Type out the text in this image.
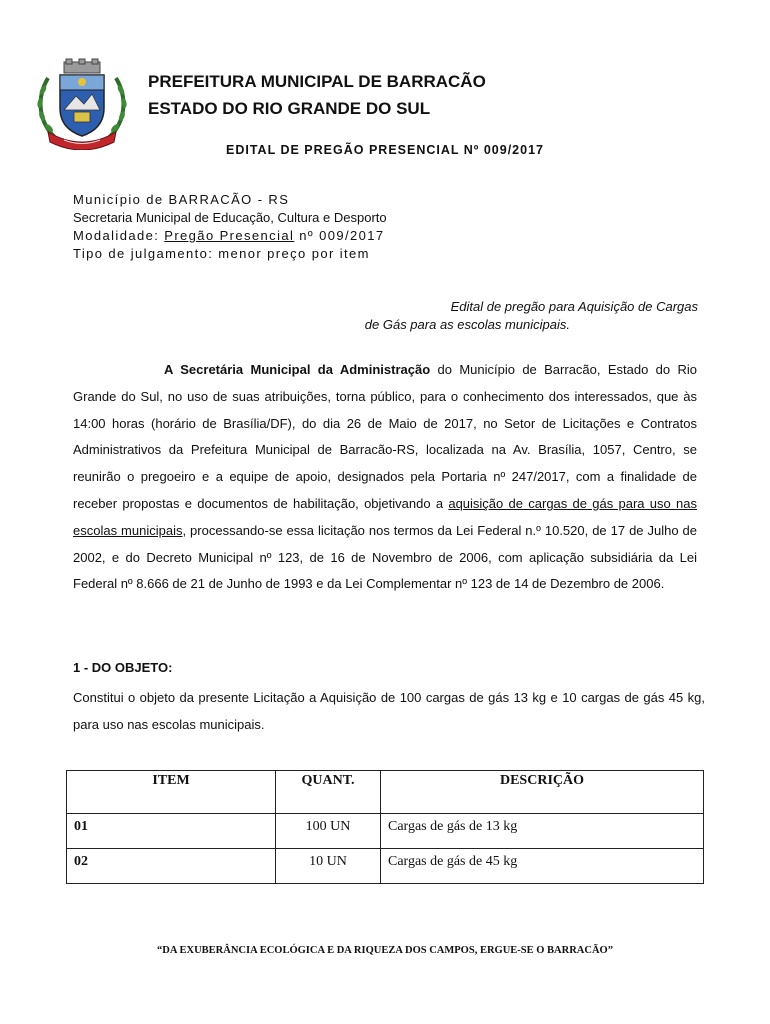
PREFEITURA MUNICIPAL DE BARRACÃO
ESTADO DO RIO GRANDE DO SUL
EDITAL DE PREGÃO PRESENCIAL Nº 009/2017
Município de BARRACÃO - RS
Secretaria Municipal de Educação, Cultura e Desporto
Modalidade: Pregão Presencial nº 009/2017
Tipo de julgamento: menor preço por item
Edital de pregão para Aquisição de Cargas
de Gás para as escolas municipais.

A Secretária Municipal da Administração do Município de Barracão, Estado do Rio Grande do Sul, no uso de suas atribuições, torna público, para o conhecimento dos interessados, que às 14:00 horas (horário de Brasília/DF), do dia 26 de Maio de 2017, no Setor de Licitações e Contratos Administrativos da Prefeitura Municipal de Barracão-RS, localizada na Av. Brasília, 1057, Centro, se reunirão o pregoeiro e a equipe de apoio, designados pela Portaria nº 247/2017, com a finalidade de receber propostas e documentos de habilitação, objetivando a aquisição de cargas de gás para uso nas escolas municipais, processando-se essa licitação nos termos da Lei Federal n.º 10.520, de 17 de Julho de 2002, e do Decreto Municipal nº 123, de 16 de Novembro de 2006, com aplicação subsidiária da Lei Federal nº 8.666 de 21 de Junho de 1993 e da Lei Complementar nº 123 de 14 de Dezembro de 2006.

1 - DO OBJETO:

Constitui o objeto da presente Licitação a Aquisição de 100 cargas de gás 13 kg e 10 cargas de gás 45 kg, para uso nas escolas municipais.

ITEM	QUANT.	DESCRIÇÃO
01	100 UN	Cargas de gás de 13 kg
02	10 UN	Cargas de gás de 45 kg
“DA EXUBERÂNCIA ECOLÓGICA E DA RIQUEZA DOS CAMPOS, ERGUE-SE O BARRACÃO”
